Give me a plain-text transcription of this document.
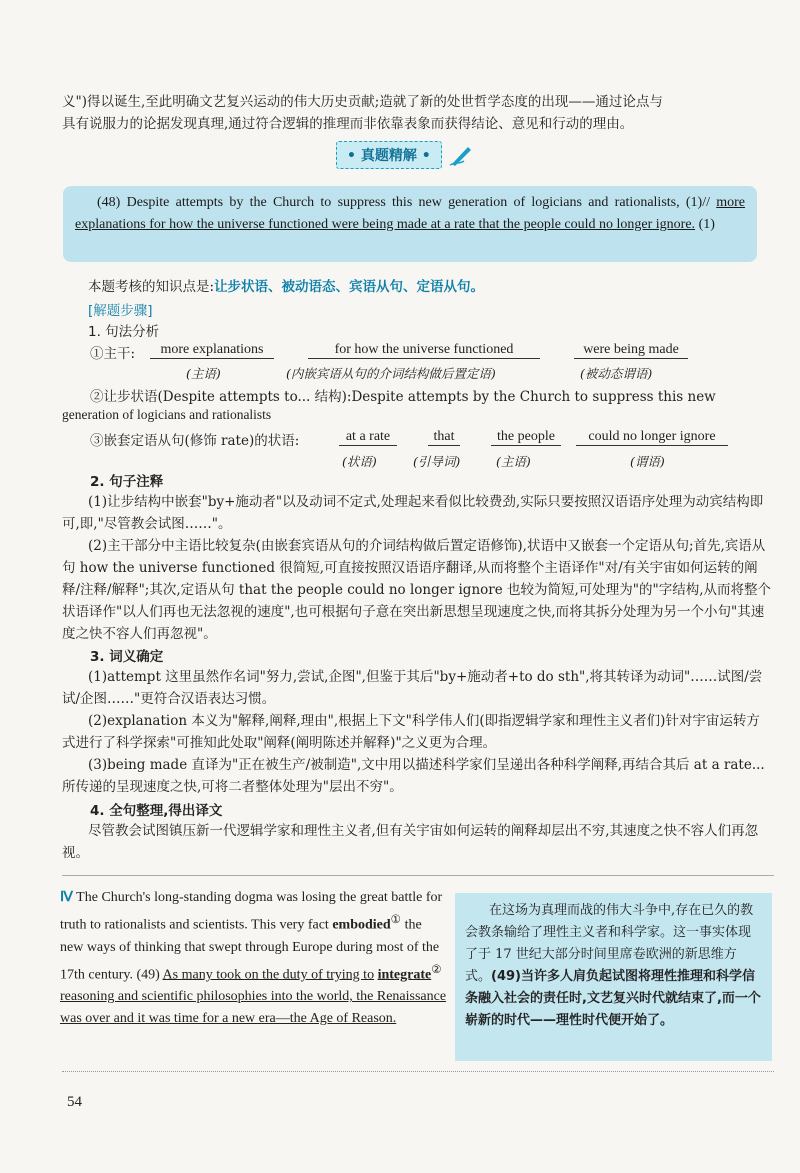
义")得以诞生,至此明确文艺复兴运动的伟大历史贡献;造就了新的处世哲学态度的出现——通过论点与

具有说服力的论据发现真理,通过符合逻辑的推理而非依靠表象而获得结论、意见和行动的理由。

• 真题精解 •

(48) Despite attempts by the Church to suppress this new generation of logicians and rationalists, (1)// more explanations for how the universe functioned were being made at a rate that the people could no longer ignore. (1)

本题考核的知识点是:让步状语、被动语态、宾语从句、定语从句。
[解题步骤]
1. 句法分析
①主干:	more explanations	for how the universe functioned	were being made
(主语)	(内嵌宾语从句的介词结构做后置定语)	(被动态谓语)
②让步状语(Despite attempts to... 结构):Despite attempts by the Church to suppress this new
generation of logicians and rationalists
③嵌套定语从句(修饰 rate)的状语:	at a rate	that	the people	could no longer ignore
(状语)	(引导词)	(主语)	(谓语)
2. 句子注释

(1)让步结构中嵌套"by+施动者"以及动词不定式,处理起来看似比较费劲,实际只要按照汉语语序处理为动宾结构即可,即,"尽管教会试图……"。

(2)主干部分中主语比较复杂(由嵌套宾语从句的介词结构做后置定语修饰),状语中又嵌套一个定语从句;首先,宾语从句 how the universe functioned 很简短,可直接按照汉语语序翻译,从而将整个主语译作"对/有关宇宙如何运转的阐释/注释/解释";其次,定语从句 that the people could no longer ignore 也较为简短,可处理为"的"字结构,从而将整个状语译作"以人们再也无法忽视的速度",也可根据句子意在突出新思想呈现速度之快,而将其拆分处理为另一个小句"其速度之快不容人们再忽视"。

3. 词义确定

(1)attempt 这里虽然作名词"努力,尝试,企图",但鉴于其后"by+施动者+to do sth",将其转译为动词"……试图/尝试/企图……"更符合汉语表达习惯。

(2)explanation 本义为"解释,阐释,理由",根据上下文"科学伟人们(即指逻辑学家和理性主义者们)针对宇宙运转方式进行了科学探索"可推知此处取"阐释(阐明陈述并解释)"之义更为合理。

(3)being made 直译为"正在被生产/被制造",文中用以描述科学家们呈递出各种科学阐释,再结合其后 at a rate...所传递的呈现速度之快,可将二者整体处理为"层出不穷"。

4. 全句整理,得出译文

尽管教会试图镇压新一代逻辑学家和理性主义者,但有关宇宙如何运转的阐释却层出不穷,其速度之快不容人们再忽视。

Ⅳ The Church's long-standing dogma was losing the great battle for truth to rationalists and scientists. This very fact embodied① the new ways of thinking that swept through Europe during most of the 17th century. (49) As many took on the duty of trying to integrate② reasoning and scientific philosophies into the world, the Renaissance was over and it was time for a new era—the Age of Reason.

在这场为真理而战的伟大斗争中,存在已久的教会教条输给了理性主义者和科学家。这一事实体现了于 17 世纪大部分时间里席卷欧洲的新思维方式。(49)当许多人肩负起试图将理性推理和科学信条融入社会的责任时,文艺复兴时代就结束了,而一个崭新的时代——理性时代便开始了。

54
